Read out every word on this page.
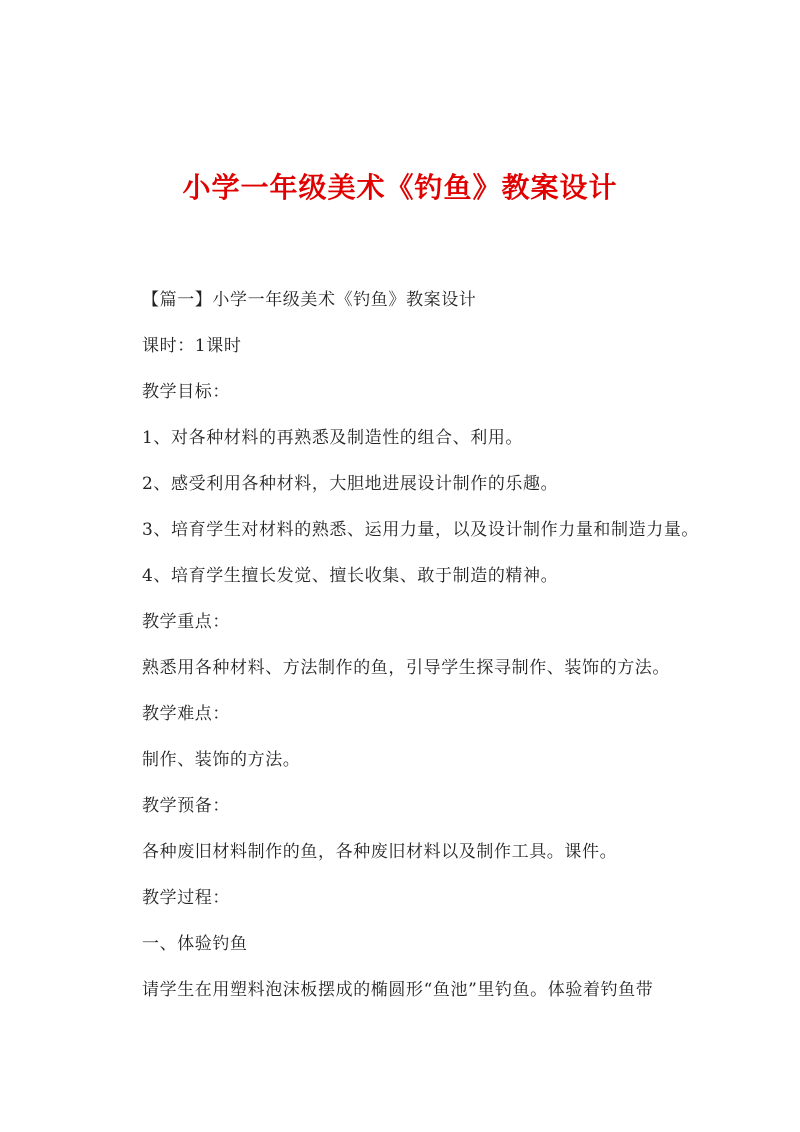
小学一年级美术《钓鱼》教案设计

【篇一】小学一年级美术《钓鱼》教案设计

课时：1课时

教学目标：

1、对各种材料的再熟悉及制造性的组合、利用。

2、感受利用各种材料，大胆地进展设计制作的乐趣。

3、培育学生对材料的熟悉、运用力量，以及设计制作力量和制造力量。

4、培育学生擅长发觉、擅长收集、敢于制造的精神。

教学重点：

熟悉用各种材料、方法制作的鱼，引导学生探寻制作、装饰的方法。

教学难点：

制作、装饰的方法。

教学预备：

各种废旧材料制作的鱼，各种废旧材料以及制作工具。课件。

教学过程：

一、体验钓鱼

请学生在用塑料泡沫板摆成的椭圆形“鱼池”里钓鱼。体验着钓鱼带
